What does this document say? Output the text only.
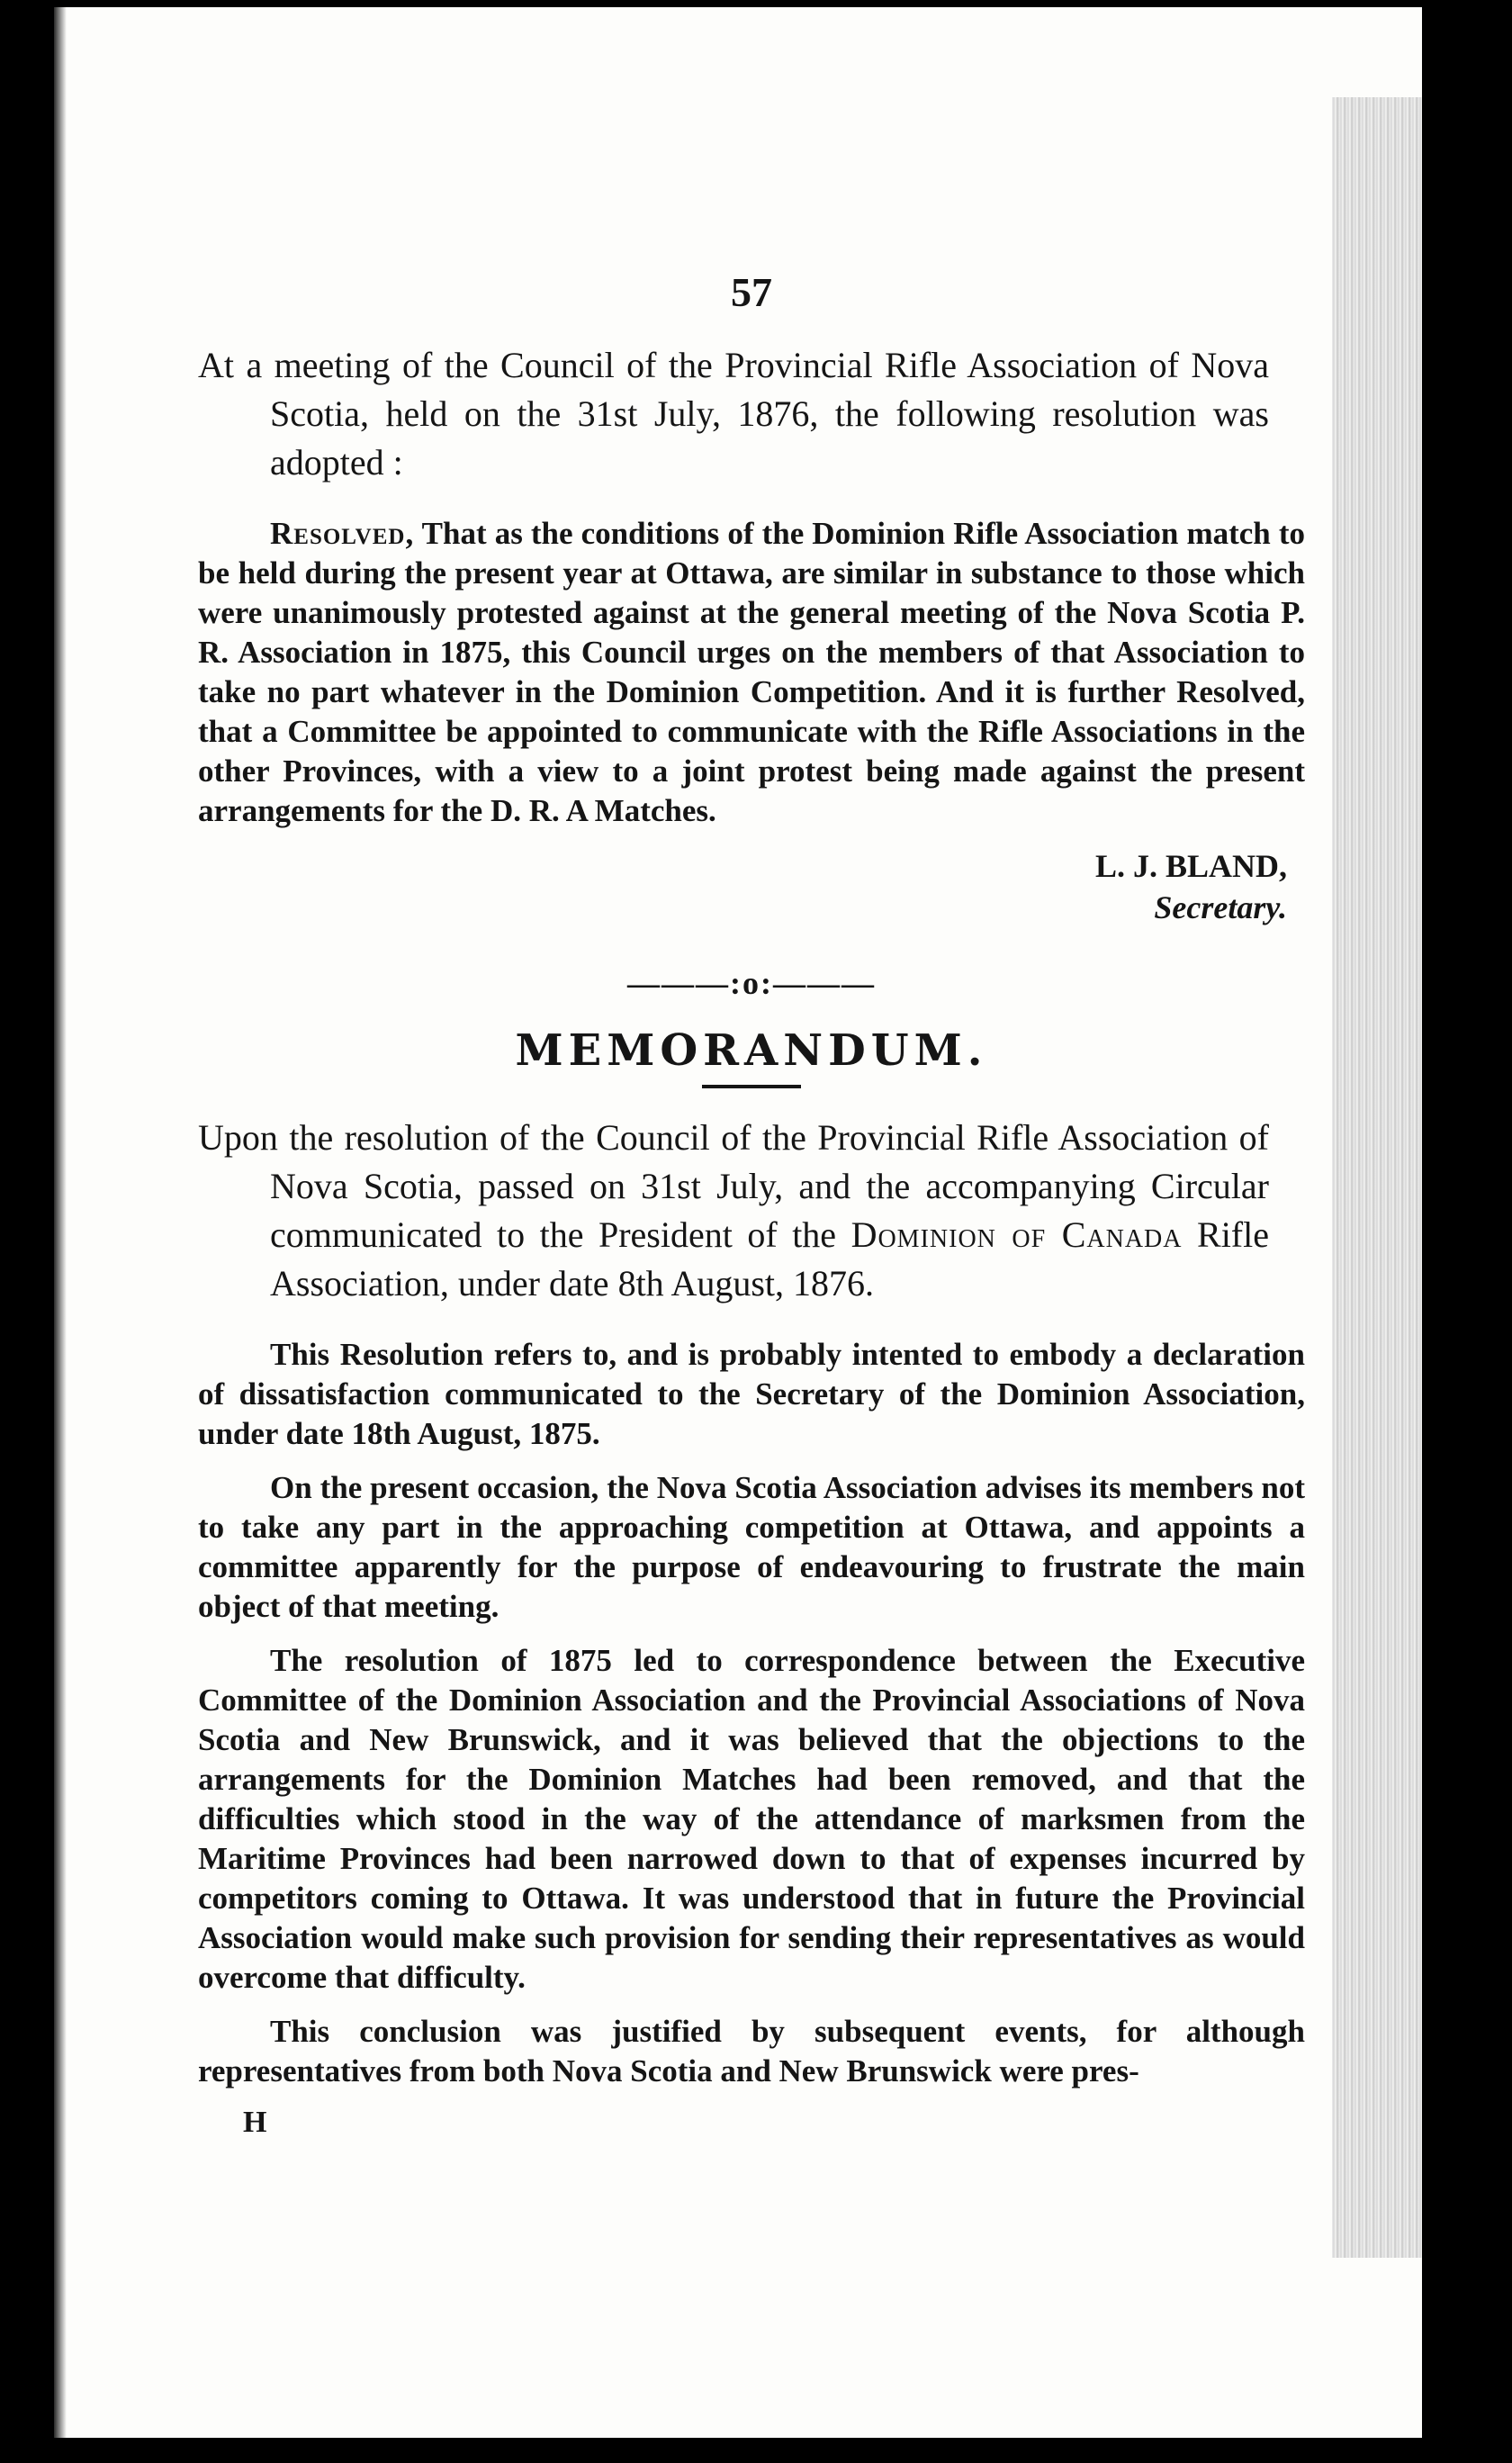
57

At a meeting of the Council of the Provincial Rifle Association of Nova Scotia, held on the 31st July, 1876, the following resolution was adopted :

Resolved, That as the conditions of the Dominion Rifle Association match to be held during the present year at Ottawa, are similar in substance to those which were unanimously protested against at the general meeting of the Nova Scotia P. R. Association in 1875, this Council urges on the members of that Association to take no part whatever in the Dominion Competition. And it is further Resolved, that a Committee be appointed to communicate with the Rifle Associations in the other Provinces, with a view to a joint protest being made against the present arrangements for the D. R. A Matches.

L. J. BLAND,
Secretary.
———:o:———
MEMORANDUM.

Upon the resolution of the Council of the Provincial Rifle Association of Nova Scotia, passed on 31st July, and the accompanying Circular communicated to the President of the Dominion of Canada Rifle Association, under date 8th August, 1876.

This Resolution refers to, and is probably intented to embody a declaration of dissatisfaction communicated to the Secretary of the Dominion Association, under date 18th August, 1875.

On the present occasion, the Nova Scotia Association advises its members not to take any part in the approaching competition at Ottawa, and appoints a committee apparently for the purpose of endeavouring to frustrate the main object of that meeting.

The resolution of 1875 led to correspondence between the Executive Committee of the Dominion Association and the Provincial Associations of Nova Scotia and New Brunswick, and it was believed that the objections to the arrangements for the Dominion Matches had been removed, and that the difficulties which stood in the way of the attendance of marksmen from the Maritime Provinces had been narrowed down to that of expenses incurred by competitors coming to Ottawa. It was understood that in future the Provincial Association would make such provision for sending their representatives as would overcome that difficulty.

This conclusion was justified by subsequent events, for although representatives from both Nova Scotia and New Brunswick were pres-

H
